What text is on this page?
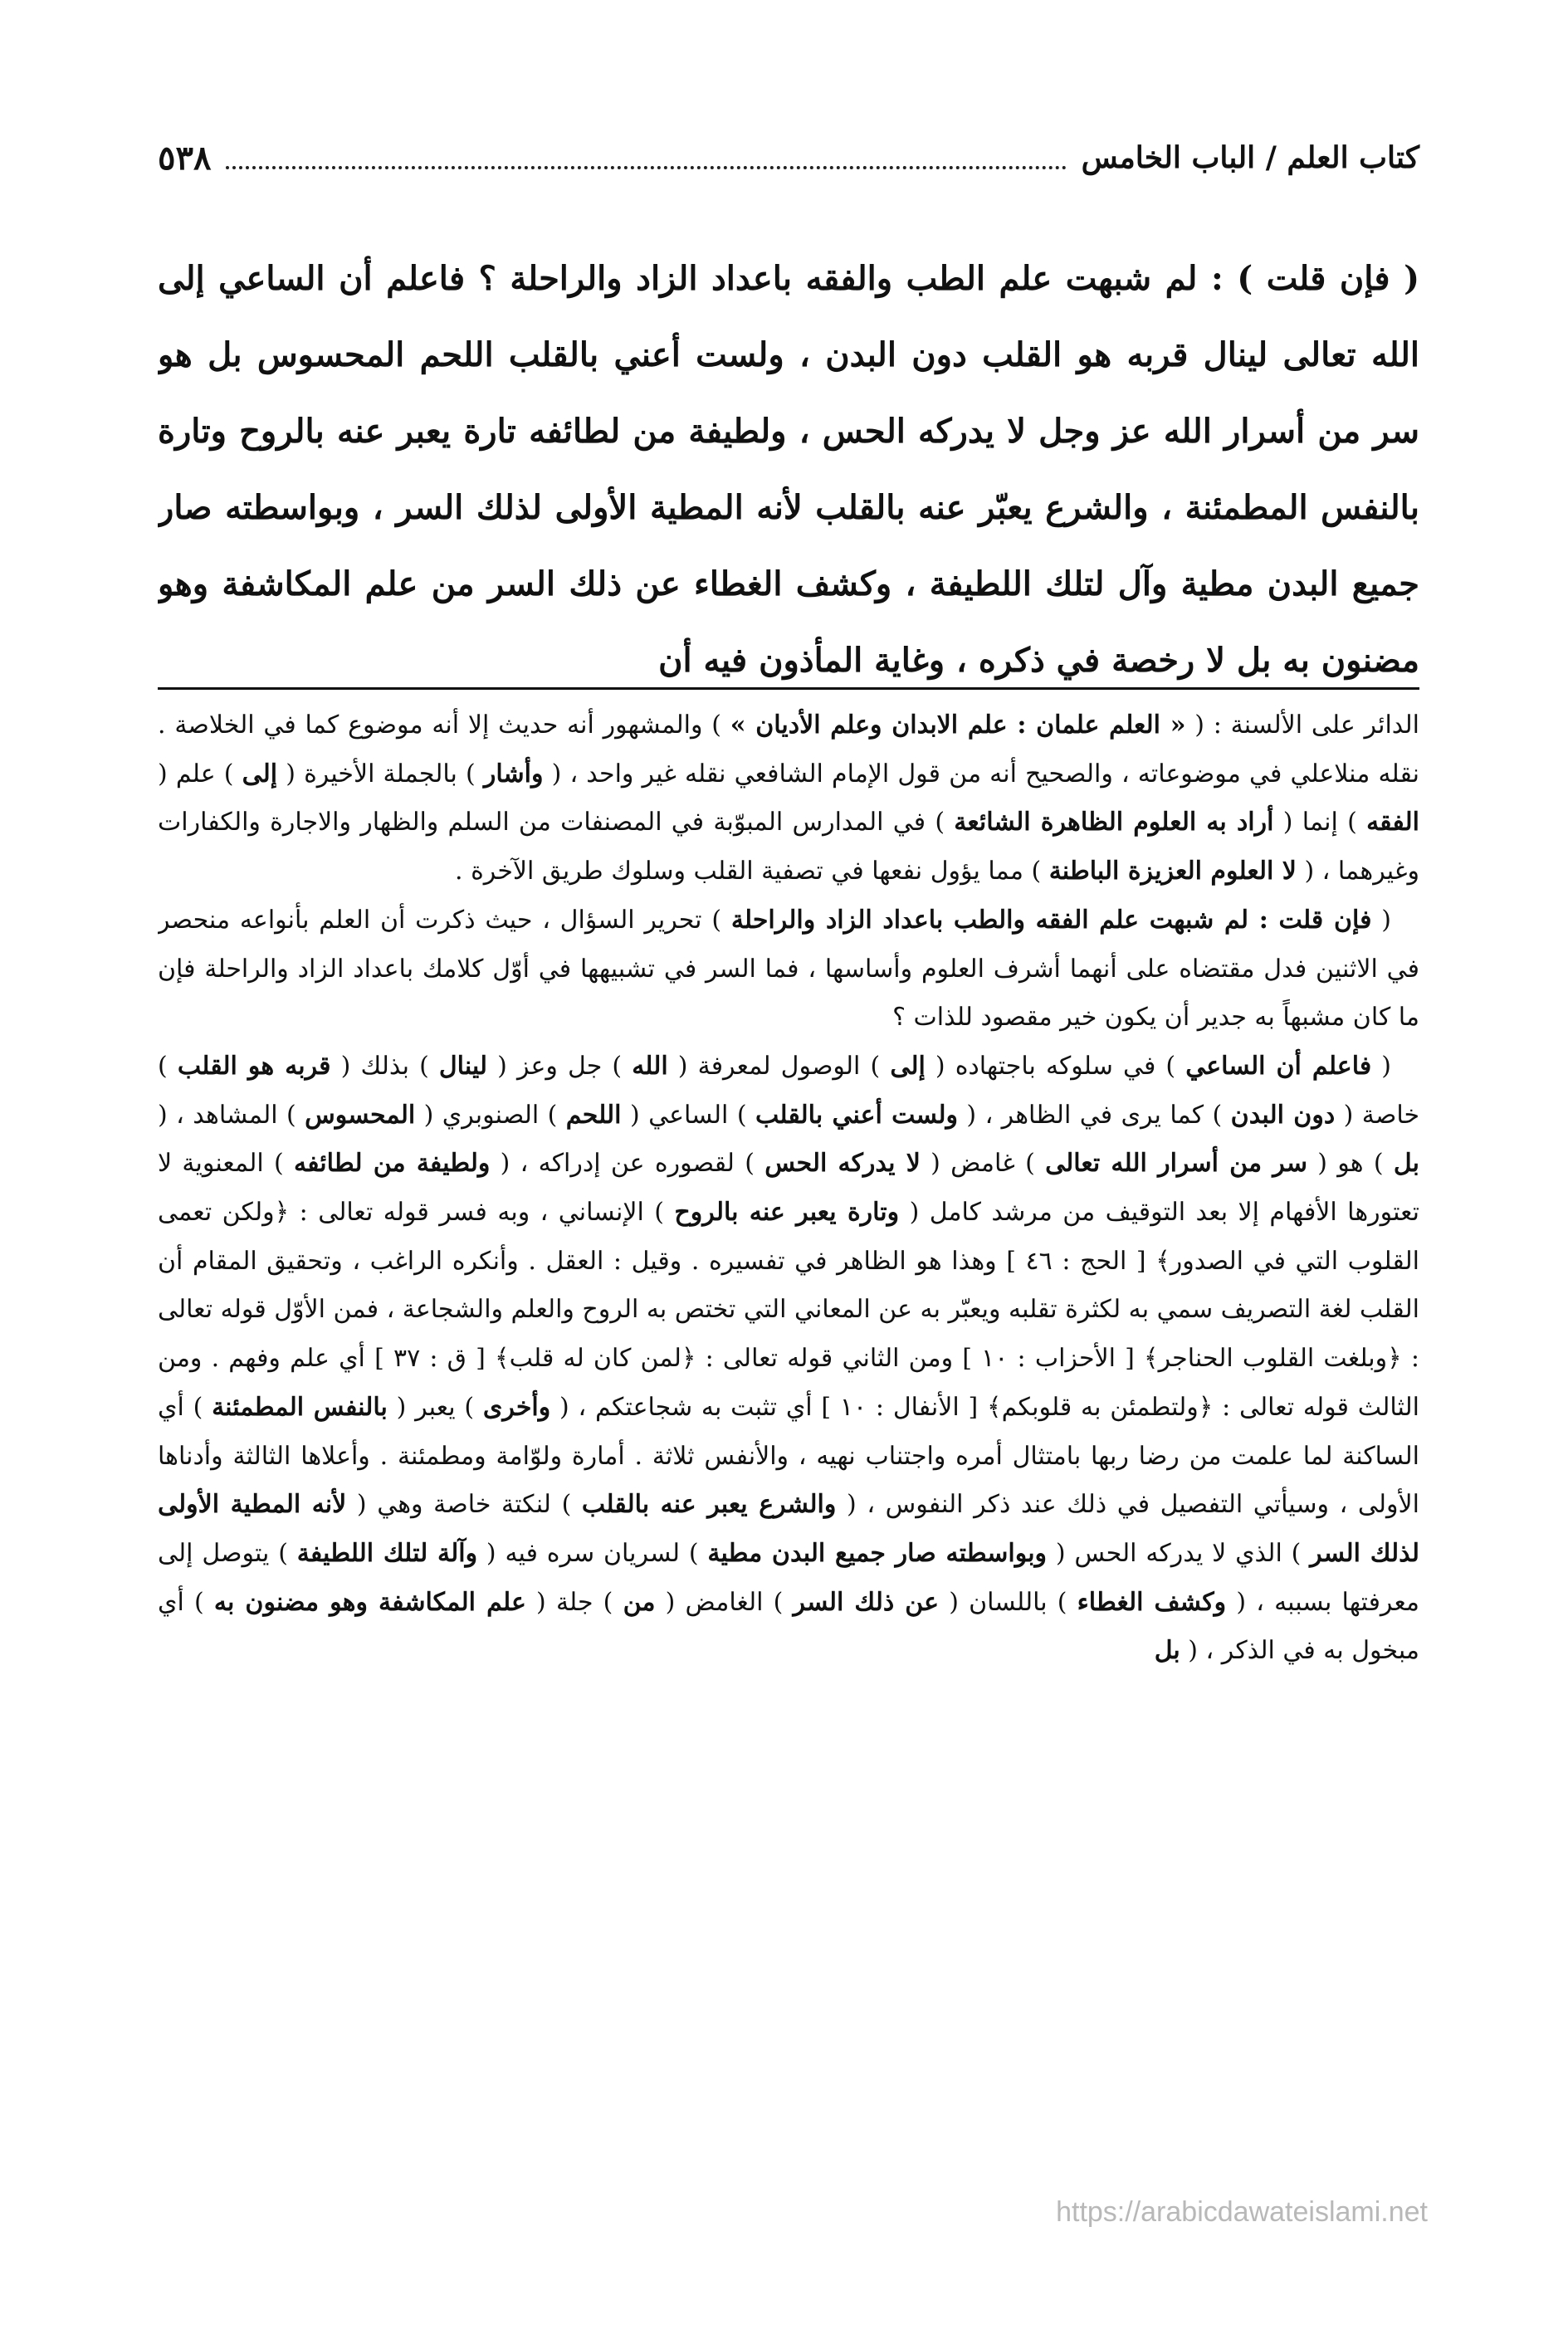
كتاب العلم / الباب الخامس
٥٣٨

( فإن قلت ) : لم شبهت علم الطب والفقه باعداد الزاد والراحلة ؟ فاعلم أن الساعي إلى الله تعالى لينال قربه هو القلب دون البدن ، ولست أعني بالقلب اللحم المحسوس بل هو سر من أسرار الله عز وجل لا يدركه الحس ، ولطيفة من لطائفه تارة يعبر عنه بالروح وتارة بالنفس المطمئنة ، والشرع يعبّر عنه بالقلب لأنه المطية الأولى لذلك السر ، وبواسطته صار جميع البدن مطية وآل لتلك اللطيفة ، وكشف الغطاء عن ذلك السر من علم المكاشفة وهو مضنون به بل لا رخصة في ذكره ، وغاية المأذون فيه أن

الدائر على الألسنة : ( « العلم علمان : علم الابدان وعلم الأديان » ) والمشهور أنه حديث إلا أنه موضوع كما في الخلاصة . نقله منلاعلي في موضوعاته ، والصحيح أنه من قول الإمام الشافعي نقله غير واحد ، ( وأشار ) بالجملة الأخيرة ( إلى ) علم ( الفقه ) إنما ( أراد به العلوم الظاهرة الشائعة ) في المدارس المبوّبة في المصنفات من السلم والظهار والاجارة والكفارات وغيرهما ، ( لا العلوم العزيزة الباطنة ) مما يؤول نفعها في تصفية القلب وسلوك طريق الآخرة .

( فإن قلت : لم شبهت علم الفقه والطب باعداد الزاد والراحلة ) تحرير السؤال ، حيث ذكرت أن العلم بأنواعه منحصر في الاثنين فدل مقتضاه على أنهما أشرف العلوم وأساسها ، فما السر في تشبيهها في أوّل كلامك باعداد الزاد والراحلة فإن ما كان مشبهاً به جدير أن يكون خير مقصود للذات ؟

( فاعلم أن الساعي ) في سلوكه باجتهاده ( إلى ) الوصول لمعرفة ( الله ) جل وعز ( لينال ) بذلك ( قربه هو القلب ) خاصة ( دون البدن ) كما يرى في الظاهر ، ( ولست أعني بالقلب ) الساعي ( اللحم ) الصنوبري ( المحسوس ) المشاهد ، ( بل ) هو ( سر من أسرار الله تعالى ) غامض ( لا يدركه الحس ) لقصوره عن إدراكه ، ( ولطيفة من لطائفه ) المعنوية لا تعتورها الأفهام إلا بعد التوقيف من مرشد كامل ( وتارة يعبر عنه بالروح ) الإنساني ، وبه فسر قوله تعالى : ﴿ولكن تعمى القلوب التي في الصدور﴾ [ الحج : ٤٦ ] وهذا هو الظاهر في تفسيره . وقيل : العقل . وأنكره الراغب ، وتحقيق المقام أن القلب لغة التصريف سمي به لكثرة تقلبه ويعبّر به عن المعاني التي تختص به الروح والعلم والشجاعة ، فمن الأوّل قوله تعالى : ﴿وبلغت القلوب الحناجر﴾ [ الأحزاب : ١٠ ] ومن الثاني قوله تعالى : ﴿لمن كان له قلب﴾ [ ق : ٣٧ ] أي علم وفهم . ومن الثالث قوله تعالى : ﴿ولتطمئن به قلوبكم﴾ [ الأنفال : ١٠ ] أي تثبت به شجاعتكم ، ( وأخرى ) يعبر ( بالنفس المطمئنة ) أي الساكنة لما علمت من رضا ربها بامتثال أمره واجتناب نهيه ، والأنفس ثلاثة . أمارة ولوّامة ومطمئنة . وأعلاها الثالثة وأدناها الأولى ، وسيأتي التفصيل في ذلك عند ذكر النفوس ، ( والشرع يعبر عنه بالقلب ) لنكتة خاصة وهي ( لأنه المطية الأولى لذلك السر ) الذي لا يدركه الحس ( وبواسطته صار جميع البدن مطية ) لسريان سره فيه ( وآلة لتلك اللطيفة ) يتوصل إلى معرفتها بسببه ، ( وكشف الغطاء ) باللسان ( عن ذلك السر ) الغامض ( من ) جلة ( علم المكاشفة وهو مضنون به ) أي مبخول به في الذكر ، ( بل

https://arabicdawateislami.net
